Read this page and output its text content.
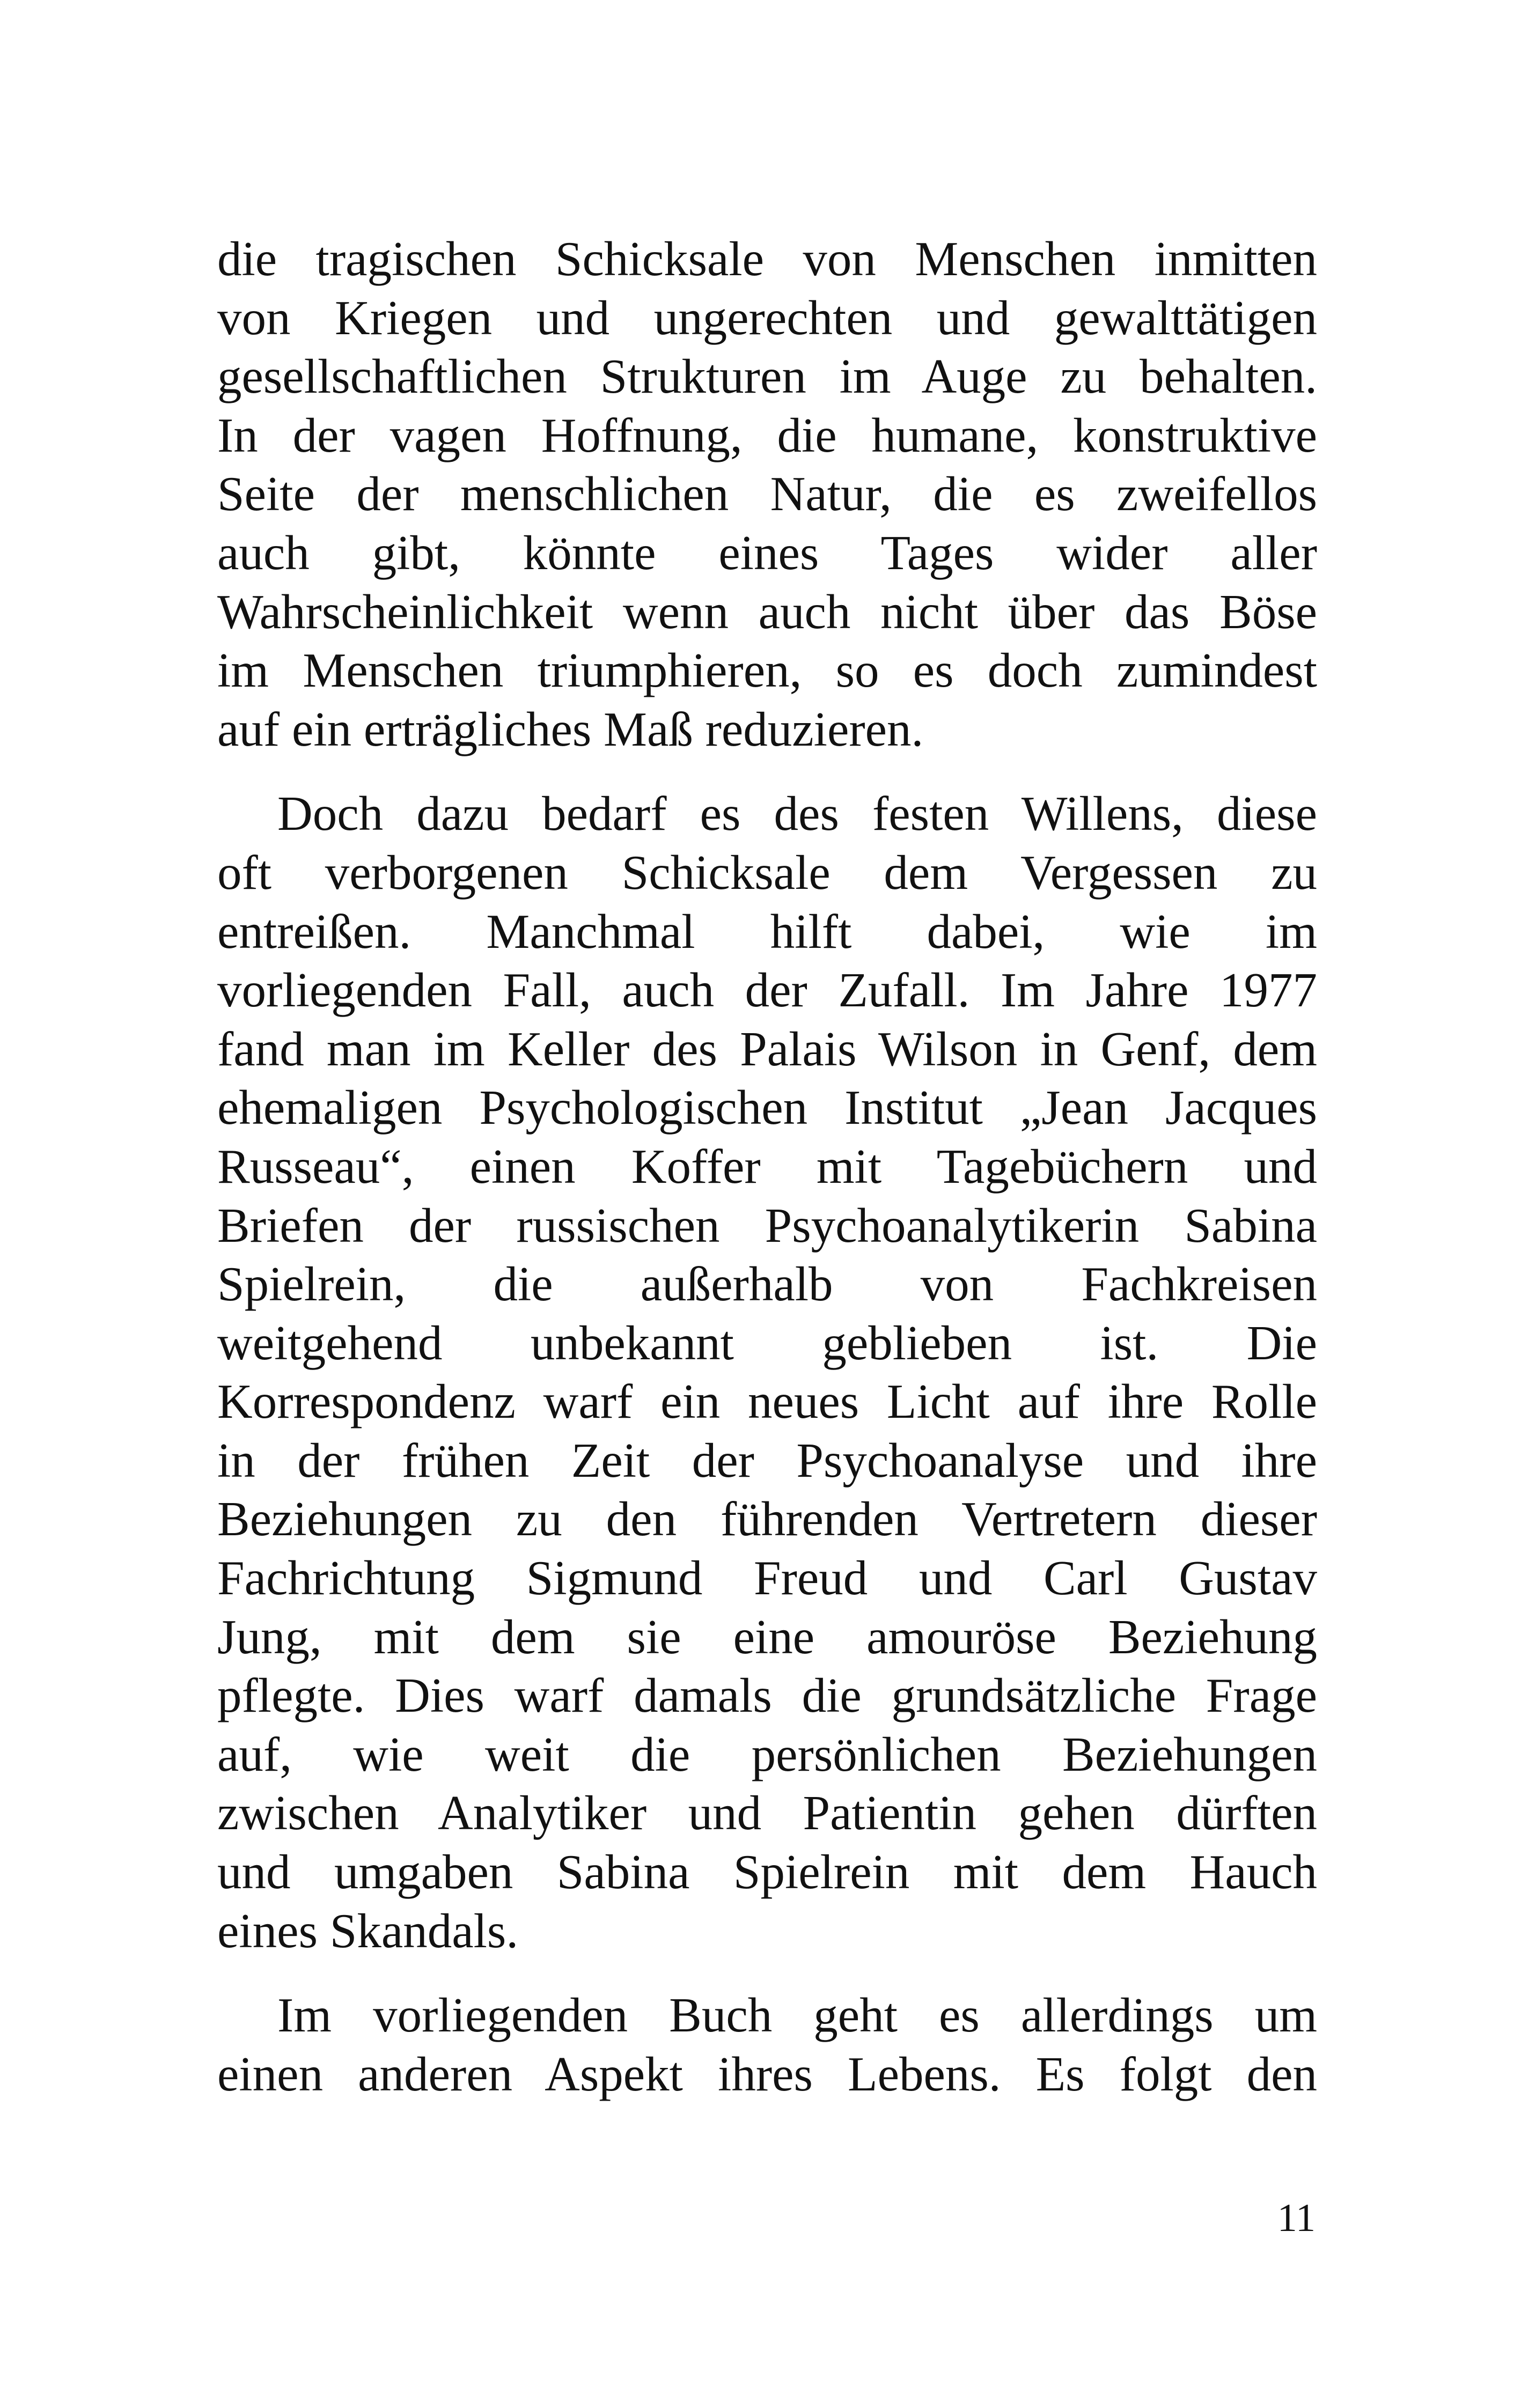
die tragischen Schicksale von Menschen inmitten
von Kriegen und ungerechten und gewalttätigen
gesellschaftlichen Strukturen im Auge zu behalten.
In der vagen Hoffnung, die humane, konstruktive
Seite der menschlichen Natur, die es zweifellos
auch gibt, könnte eines Tages wider aller
Wahrscheinlichkeit wenn auch nicht über das Böse
im Menschen triumphieren, so es doch zumindest
auf ein erträgliches Maß reduzieren.
Doch dazu bedarf es des festen Willens, diese
oft verborgenen Schicksale dem Vergessen zu
entreißen. Manchmal hilft dabei, wie im
vorliegenden Fall, auch der Zufall. Im Jahre 1977
fand man im Keller des Palais Wilson in Genf, dem
ehemaligen Psychologischen Institut „Jean Jacques
Russeau“, einen Koffer mit Tagebüchern und
Briefen der russischen Psychoanalytikerin Sabina
Spielrein, die außerhalb von Fachkreisen
weitgehend unbekannt geblieben ist. Die
Korrespondenz warf ein neues Licht auf ihre Rolle
in der frühen Zeit der Psychoanalyse und ihre
Beziehungen zu den führenden Vertretern dieser
Fachrichtung Sigmund Freud und Carl Gustav
Jung, mit dem sie eine amouröse Beziehung
pflegte. Dies warf damals die grundsätzliche Frage
auf, wie weit die persönlichen Beziehungen
zwischen Analytiker und Patientin gehen dürften
und umgaben Sabina Spielrein mit dem Hauch
eines Skandals.
Im vorliegenden Buch geht es allerdings um
einen anderen Aspekt ihres Lebens. Es folgt den
11
